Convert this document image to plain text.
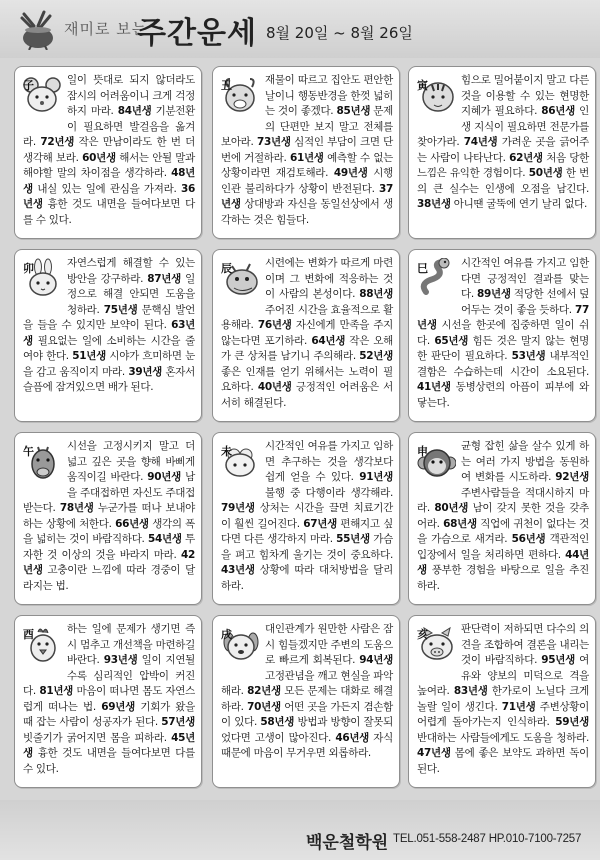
재미로 보는
주간운세 8월 20일 ~ 8월 26일
일이 뜻대로 되지 않더라도 잠시의 어려움이니 크게 걱정하지 마라. 84년생 기분전환이 필요하면 발걸음을 옮겨라. 72년생 작은 만남이라도 한 번 더 생각해 보라. 60년생 해서는 안될 말과 해야할 말의 차이점을 생각하라. 48년생 내실 있는 일에 관심을 가져라. 36년생 흉한 것도 내면을 들여다보면 다를 수 있다.
子	재물이 따르고 집안도 편안한 날이니 행동반경을 한껏 넓히는 것이 좋겠다. 85년생 문제의 단편만 보지 말고 전체를 보아라. 73년생 심적인 부담이 크면 단번에 거절하라. 61년생 예측할 수 없는 상황이라면 재검토해라. 49년생 시행인관 불리하다가 상황이 반전된다. 37년생 상대방과 자신을 동일선상에서 생각하는 것은 힘들다.
丑	힘으로 밀어붙이지 말고 다른 것을 이용할 수 있는 현명한 지혜가 필요하다. 86년생 인생 지식이 필요하면 전문가를 찾아가라. 74년생 가려운 곳을 긁어주는 사람이 나타난다. 62년생 처음 당한 느낌은 유익한 경험이다. 50년생 한 번의 큰 실수는 인생에 오점을 남긴다. 38년생 아니땐 굴뚝에 연기 날리 없다.
寅
자연스럽게 해결할 수 있는 방안을 강구하라. 87년생 일정으로 해결 안되면 도움을 청하라. 75년생 문핵심 발언을 들을 수 있지만 보약이 된다. 63년생 필요없는 일에 소비하는 시간을 줄여야 한다. 51년생 시야가 흐미하면 눈을 감고 움직이지 마라. 39년생 혼자서 슬픔에 잠겨있으면 배가 된다.
卯	시련에는 변화가 따르게 마련이며 그 변화에 적응하는 것이 사람의 본성이다. 88년생 주어진 시간을 효율적으로 활용해라. 76년생 자신에게 만족을 주지 않는다면 포기하라. 64년생 작은 오해가 큰 상처를 남기니 주의해라. 52년생 좋은 인재를 얻기 위해서는 노력이 필요하다. 40년생 긍정적인 어려움은 서서히 해결된다.
辰	시간적인 여유를 가지고 임한다면 긍정적인 결과를 맞는다. 89년생 적당한 선에서 덮어두는 것이 좋을 듯하다. 77년생 시선을 한곳에 집중하면 일이 쉬다. 65년생 힘든 것은 말지 않는 현명한 판단이 필요하다. 53년생 내부적인 결함은 수습하는데 시간이 소요된다. 41년생 동병상련의 아픔이 피부에 와 닿는다.
巳
시선을 고정시키지 말고 더 넓고 깊은 곳을 향해 바삐게 움직이길 바란다. 90년생 남을 주대접하면 자신도 주대접받는다. 78년생 누군가를 떠나 보내야 하는 상황에 처한다. 66년생 생각의 폭을 넓히는 것이 바람직하다. 54년생 투자한 것 이상의 것을 바라지 마라. 42년생 고충이란 느낌에 따라 경중이 달라지는 법.
午	시간적인 여유를 가지고 임하면 추구하는 것을 생각보다 쉽게 얻을 수 있다. 91년생 불행 중 다행이라 생각해라. 79년생 상처는 시간을 끌면 치료기간이 훨씬 길어진다. 67년생 편해지고 싶다면 다른 생각하지 마라. 55년생 가슴을 펴고 힘차게 울기는 것이 중요하다. 43년생 상황에 따라 대처방법을 달리하라.
未	균형 잡힌 삶을 살수 있게 하는 여러 가지 방법을 동원하여 변화를 시도하라. 92년생 주변사람들을 적대시하지 마라. 80년생 남이 갖지 못한 것을 갖추어라. 68년생 직업에 귀천이 없다는 것을 가슴으로 새겨라. 56년생 객관적인 입장에서 일을 처리하면 편하다. 44년생 풍부한 경험을 바탕으로 일을 추진하라.
申
하는 일에 문제가 생기면 즉시 멈추고 개선책을 마련하길 바란다. 93년생 일이 지연될수록 심리적인 압박이 커진다. 81년생 마음이 떠나면 몸도 자연스럽게 떠나는 법. 69년생 기회가 왔을 때 잡는 사람이 성공자가 된다. 57년생 빗줄기가 굵어지면 몸을 피하라. 45년생 흉한 것도 내면을 들여다보면 다를 수 있다.
酉	대인관계가 원만한 사람은 잠시 힘들겠지만 주변의 도움으로 빠르게 회복된다. 94년생 고정관념을 깨고 현실을 파악해라. 82년생 모든 문제는 대화로 해결하라. 70년생 어떤 곳을 가든지 겸손함이 있다. 58년생 방법과 방향이 잘못되었다면 고생이 많아진다. 46년생 자식 때문에 마음이 무거우면 외롭하라.
戌	판단력이 저하되면 다수의 의견을 조합하여 결론을 내리는 것이 바람직하다. 95년생 여유와 양보의 미덕으로 격을 높여라. 83년생 한가로이 노닐다 크게 놀랄 일이 생긴다. 71년생 주변상황이 어렵게 돌아가는지 인식하라. 59년생 반대하는 사람들에게도 도움을 청하라. 47년생 몸에 좋은 보약도 과하면 독이 된다.
亥
백운철학원 TEL.051-558-2487 HP.010-7100-7257
